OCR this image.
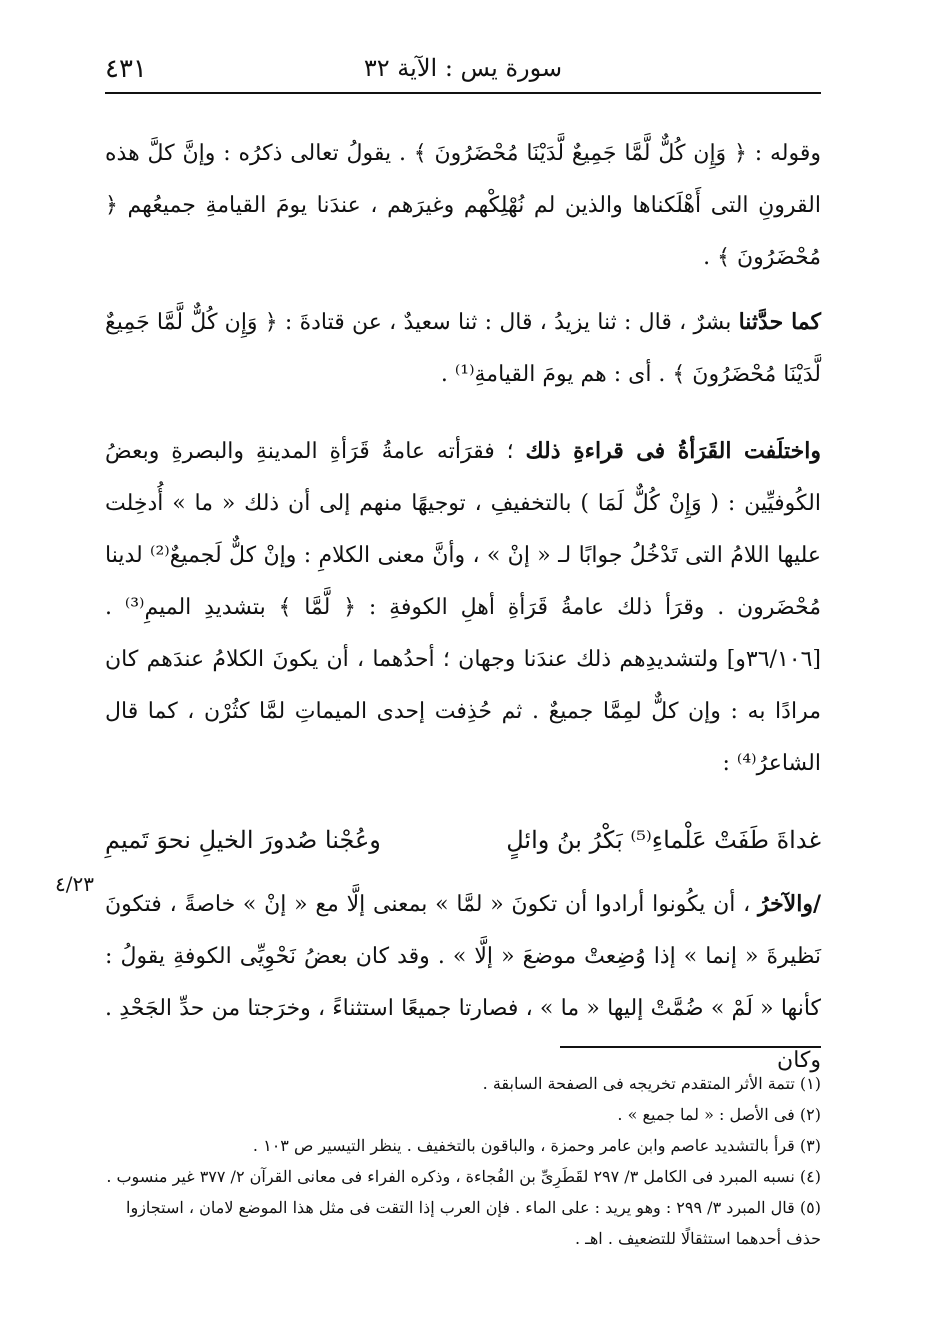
٤٣١	سورة يس : الآية ٣٢

وقوله : ﴿ وَإِن كُلٌّ لَّمَّا جَمِيعٌ لَّدَيْنَا مُحْضَرُونَ ﴾ . يقولُ تعالى ذكرُه : وإنَّ كلَّ هذه القرونِ التى أَهْلَكناها والذين لم نُهْلِكْهم وغيرَهم ، عندَنا يومَ القيامةِ جميعُهم ﴿ مُحْضَرُونَ ﴾ .

كما حدَّثنا بشرٌ ، قال : ثنا يزيدُ ، قال : ثنا سعيدٌ ، عن قتادةَ : ﴿ وَإِن كُلٌّ لَّمَّا جَمِيعٌ لَّدَيْنَا مُحْضَرُونَ ﴾ . أى : هم يومَ القيامةِ⁽¹⁾ .

واختلَفت القَرَأةُ فى قراءةِ ذلك ؛ فقرَأته عامةُ قَرَأةِ المدينةِ والبصرةِ وبعضُ الكُوفيِّين : ( وَإِنْ كُلٌّ لَمَا ) بالتخفيفِ ، توجيهًا منهم إلى أن ذلك « ما » أُدخِلت عليها اللامُ التى تَدْخُلُ جوابًا لـ « إنْ » ، وأنَّ معنى الكلامِ : وإنْ كلٌّ لَجميعٌ⁽²⁾ لدينا مُحْضَرون . وقرَأ ذلك عامةُ قَرَأةِ أهلِ الكوفةِ : ﴿ لَّمَّا ﴾ بتشديدِ الميمِ⁽³⁾ . [٣٦/١٠٦و] ولتشديدِهم ذلك عندَنا وجهان ؛ أحدُهما ، أن يكونَ الكلامُ عندَهم كان مرادًا به : وإن كلٌّ لمِمَّا جميعٌ . ثم حُذِفت إحدى الميماتِ لمَّا كثُرْن ، كما قال الشاعرُ⁽⁴⁾ :

غداةَ طَفَتْ عَلْماءِ⁽⁵⁾ بَكْرُ بنُ وائلٍ
وعُجْنا صُدورَ الخيلِ نحوَ تَميمِ

/والآخرُ ، أن يكُونوا أرادوا أن تكونَ « لمَّا » بمعنى إلَّا مع « إنْ » خاصةً ، فتكونَ نَظيرةَ « إنما » إذا وُضِعتْ موضعَ « إلَّا » . وقد كان بعضُ نَحْوِيِّى الكوفةِ يقولُ : كأنها « لَمْ » ضُمَّتْ إليها « ما » ، فصارتا جميعًا استثناءً ، وخرَجتا من حدِّ الجَحْدِ . وكان

٤/٢٣

(١) تتمة الأثر المتقدم تخريجه فى الصفحة السابقة .

(٢) فى الأصل : « لما جميع » .

(٣) قرأ بالتشديد عاصم وابن عامر وحمزة ، والباقون بالتخفيف . ينظر التيسير ص ١٠٣ .

(٤) نسبه المبرد فى الكامل ٣/ ٢٩٧ لقَطَرِىِّ بن الفُجاءة ، وذكره الفراء فى معانى القرآن ٢/ ٣٧٧ غير منسوب .

(٥) قال المبرد ٣/ ٢٩٩ : وهو يريد : على الماء . فإن العرب إذا التقت فى مثل هذا الموضع لامان ، استجازوا حذف أحدهما استثقالًا للتضعيف . اهـ .
